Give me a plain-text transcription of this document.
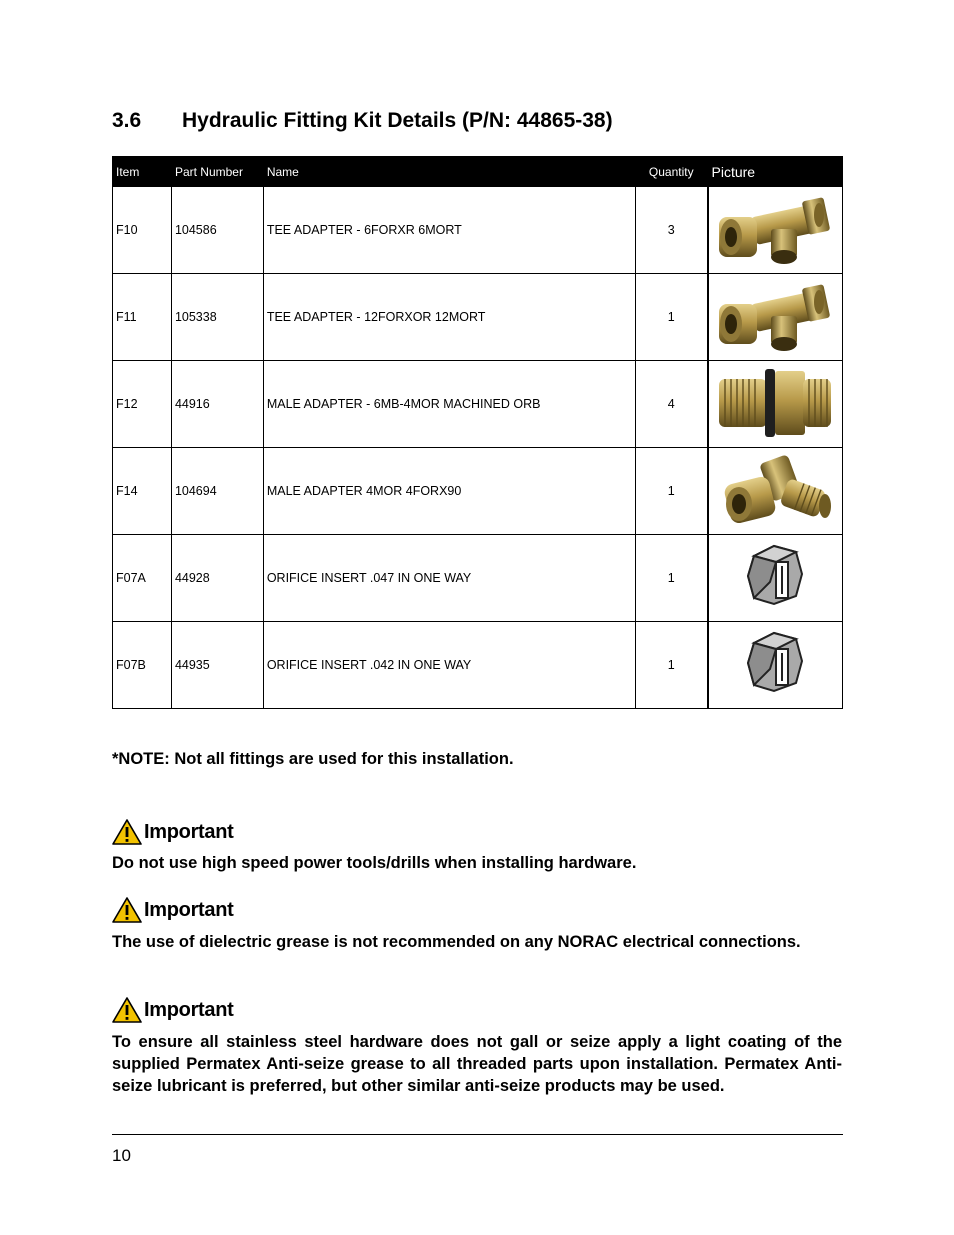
3.6 Hydraulic Fitting Kit Details (P/N: 44865-38)
Item	Part Number	Name	Quantity	Picture
F10	104586	TEE ADAPTER - 6FORXR 6MORT	3	
F11	105338	TEE ADAPTER - 12FORXOR 12MORT	1	
F12	44916	MALE ADAPTER - 6MB-4MOR MACHINED ORB	4	
F14	104694	MALE ADAPTER 4MOR 4FORX90	1	
F07A	44928	ORIFICE INSERT .047 IN ONE WAY	1	
F07B	44935	ORIFICE INSERT .042 IN ONE WAY	1	
*NOTE: Not all fittings are used for this installation.
Important
Do not use high speed power tools/drills when installing hardware.
Important
The use of dielectric grease is not recommended on any NORAC electrical connections.
Important
To ensure all stainless steel hardware does not gall or seize apply a light coating of the supplied Permatex Anti-seize grease to all threaded parts upon installation. Permatex Anti-seize lubricant is preferred, but other similar anti-seize products may be used.
10
